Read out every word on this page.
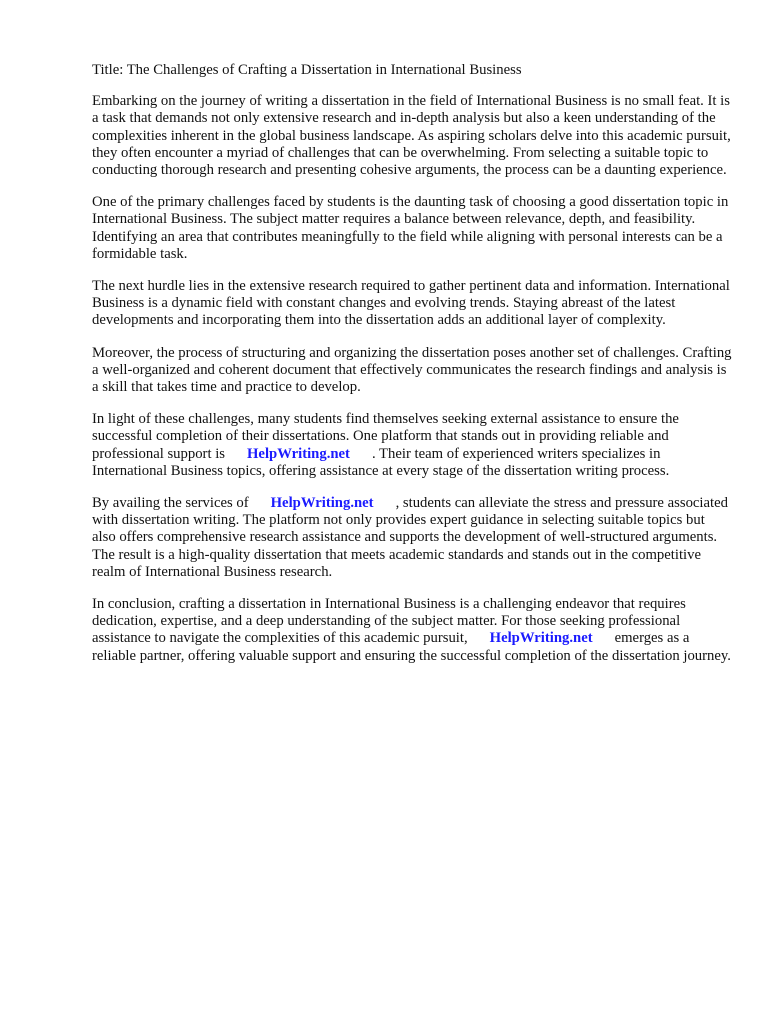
Title: The Challenges of Crafting a Dissertation in International Business

Embarking on the journey of writing a dissertation in the field of International Business is no small feat. It is a task that demands not only extensive research and in-depth analysis but also a keen understanding of the complexities inherent in the global business landscape. As aspiring scholars delve into this academic pursuit, they often encounter a myriad of challenges that can be overwhelming. From selecting a suitable topic to conducting thorough research and presenting cohesive arguments, the process can be a daunting experience.

One of the primary challenges faced by students is the daunting task of choosing a good dissertation topic in International Business. The subject matter requires a balance between relevance, depth, and feasibility. Identifying an area that contributes meaningfully to the field while aligning with personal interests can be a formidable task.

The next hurdle lies in the extensive research required to gather pertinent data and information. International Business is a dynamic field with constant changes and evolving trends. Staying abreast of the latest developments and incorporating them into the dissertation adds an additional layer of complexity.

Moreover, the process of structuring and organizing the dissertation poses another set of challenges. Crafting a well-organized and coherent document that effectively communicates the research findings and analysis is a skill that takes time and practice to develop.

In light of these challenges, many students find themselves seeking external assistance to ensure the successful completion of their dissertations. One platform that stands out in providing reliable and professional support is HelpWriting.net . Their team of experienced writers specializes in International Business topics, offering assistance at every stage of the dissertation writing process.

By availing the services of HelpWriting.net , students can alleviate the stress and pressure associated with dissertation writing. The platform not only provides expert guidance in selecting suitable topics but also offers comprehensive research assistance and supports the development of well-structured arguments. The result is a high-quality dissertation that meets academic standards and stands out in the competitive realm of International Business research.

In conclusion, crafting a dissertation in International Business is a challenging endeavor that requires dedication, expertise, and a deep understanding of the subject matter. For those seeking professional assistance to navigate the complexities of this academic pursuit, HelpWriting.net emerges as a reliable partner, offering valuable support and ensuring the successful completion of the dissertation journey.
